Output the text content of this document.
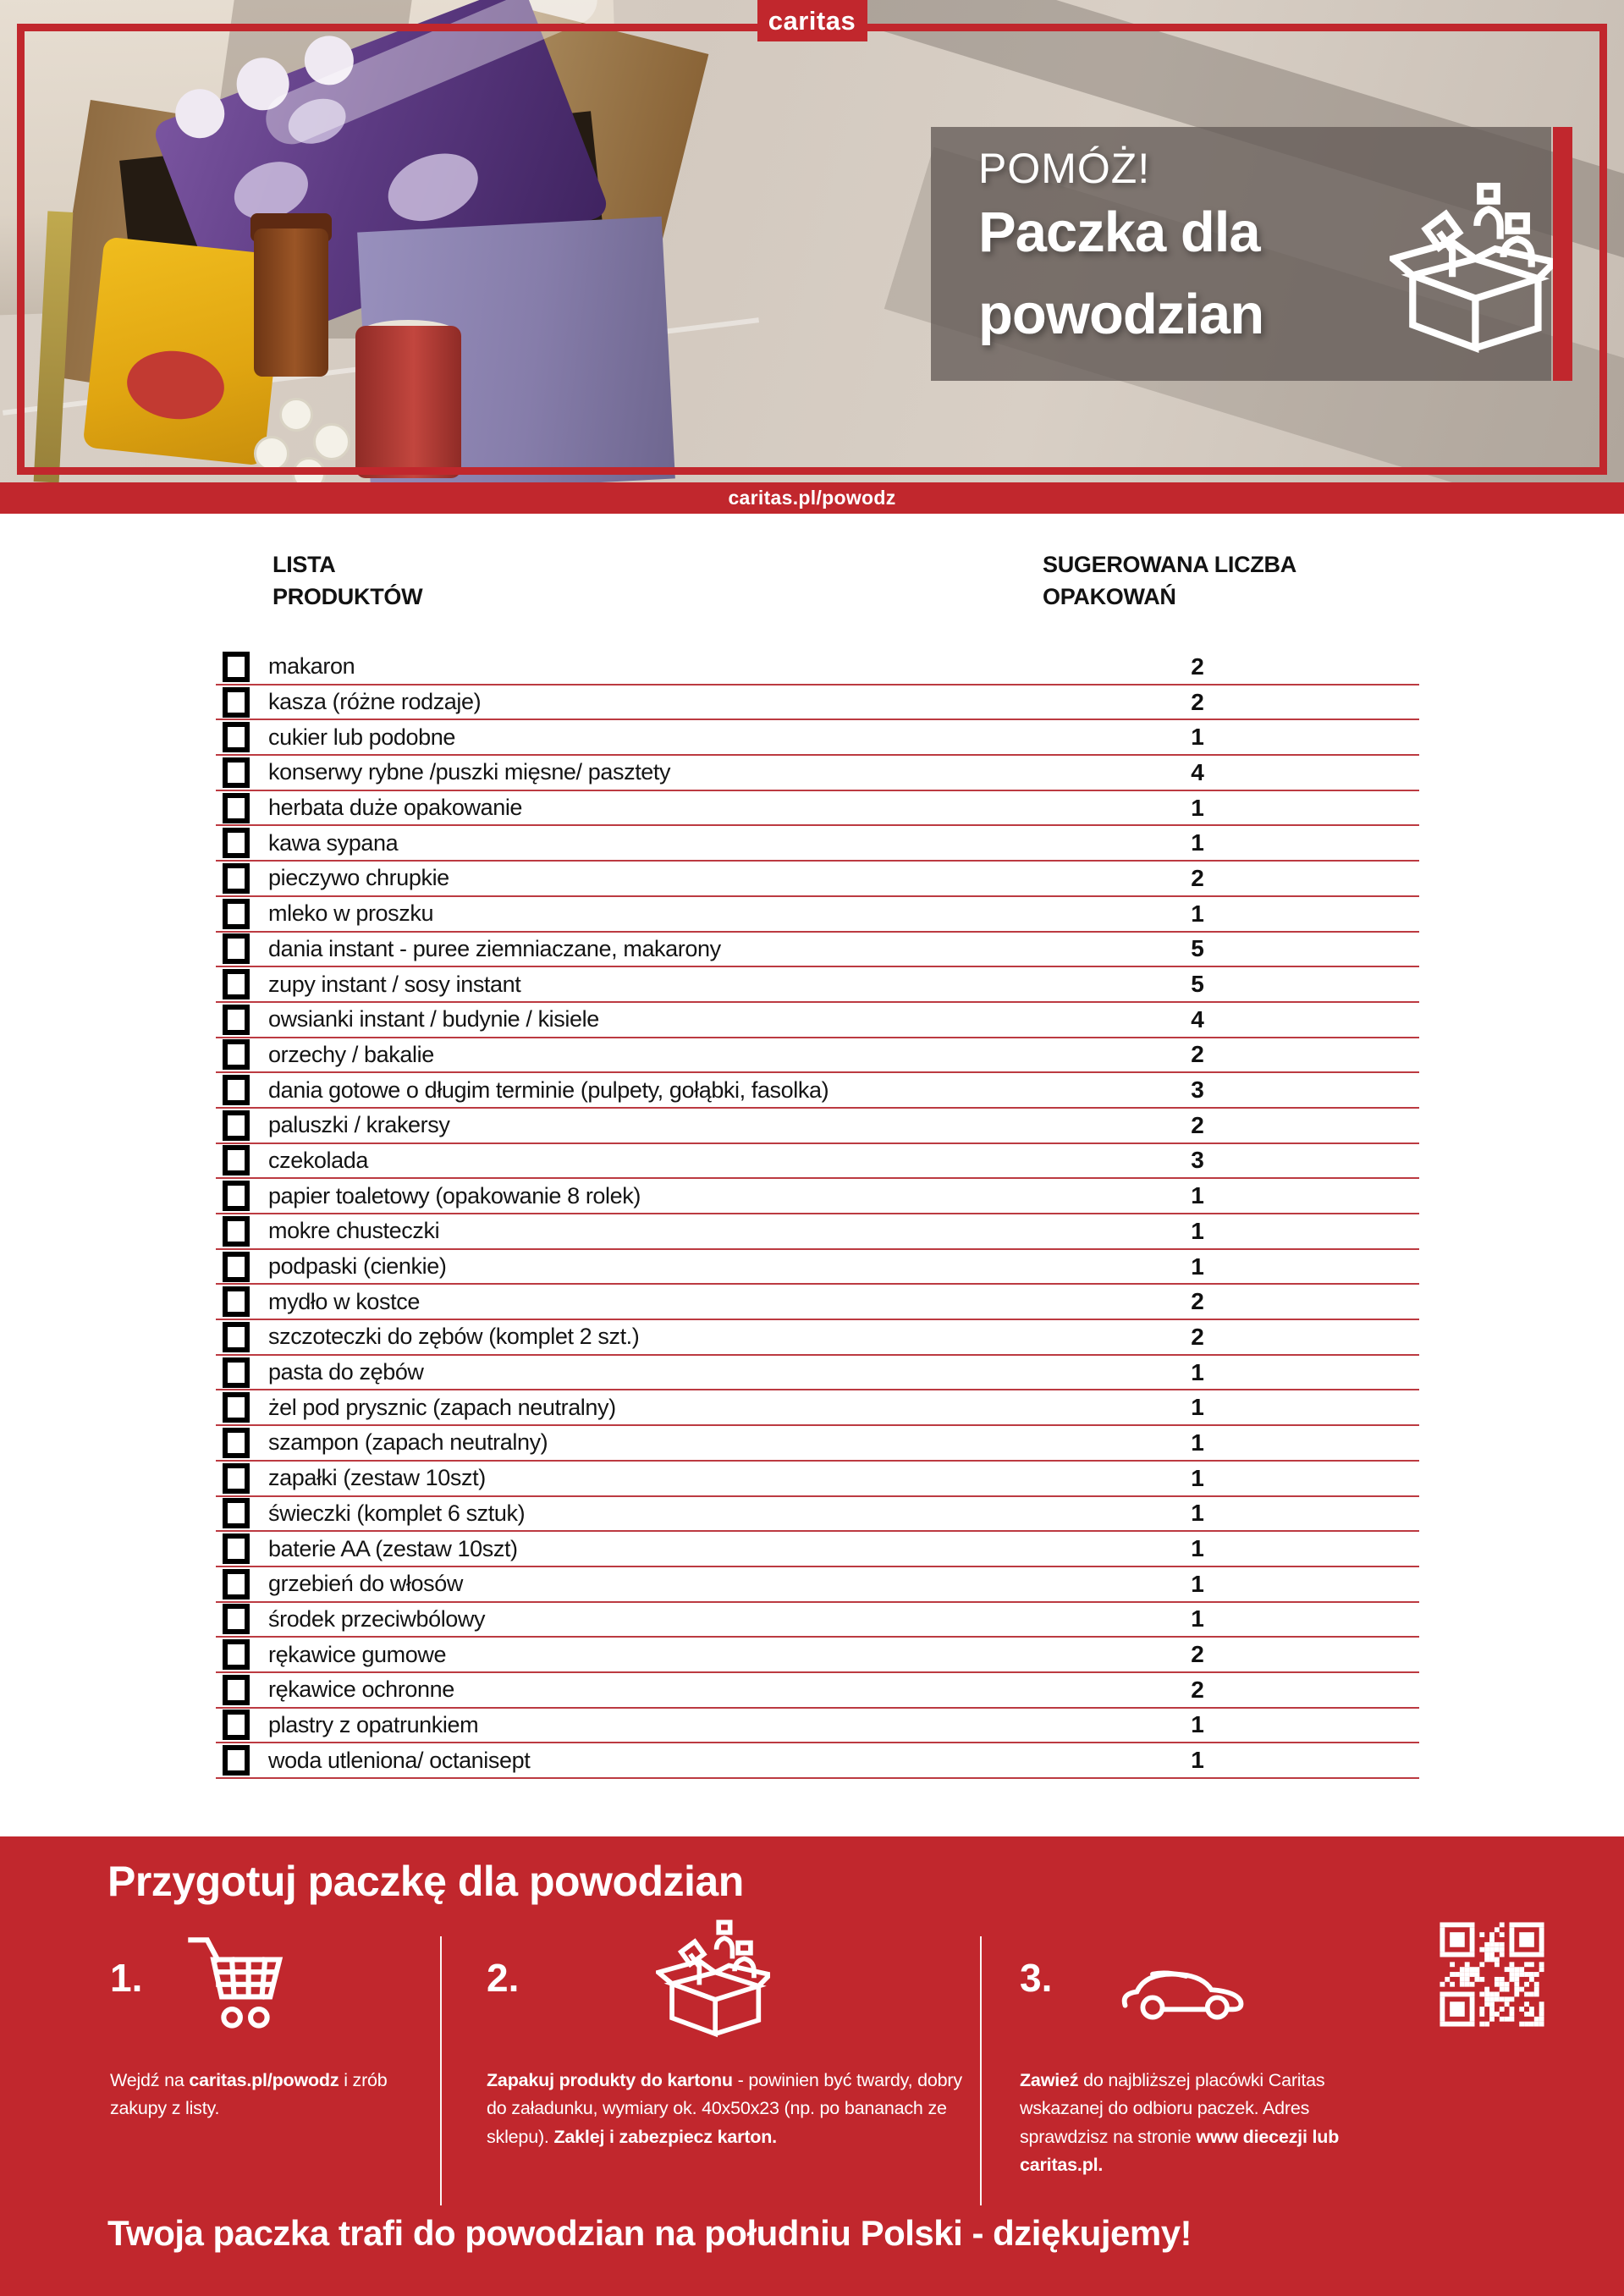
POMÓŻ!
Paczka dla
powodzian
caritas
caritas.pl/powodz
LISTA
PRODUKTÓW
SUGEROWANA LICZBA
OPAKOWAŃ
makaron	2
kasza (różne rodzaje)	2
cukier lub podobne	1
konserwy rybne /puszki mięsne/ pasztety	4
herbata duże opakowanie	1
kawa sypana	1
pieczywo chrupkie	2
mleko w proszku	1
dania instant - puree ziemniaczane, makarony	5
zupy instant / sosy instant	5
owsianki instant / budynie / kisiele	4
orzechy / bakalie	2
dania gotowe o długim terminie (pulpety, gołąbki, fasolka)	3
paluszki / krakersy	2
czekolada	3
papier toaletowy (opakowanie 8 rolek)	1
mokre chusteczki	1
podpaski (cienkie)	1
mydło w kostce	2
szczoteczki do zębów (komplet 2 szt.)	2
pasta do zębów	1
żel pod prysznic (zapach neutralny)	1
szampon (zapach neutralny)	1
zapałki (zestaw 10szt)	1
świeczki (komplet 6 sztuk)	1
baterie AA (zestaw 10szt)	1
grzebień do włosów	1
środek przeciwbólowy	1
rękawice gumowe	2
rękawice ochronne	2
plastry z opatrunkiem	1
woda utleniona/ octanisept	1
Przygotuj paczkę dla powodzian
1.	2.	3.

Wejdź na caritas.pl/powodz i zrób zakupy z listy.

Zapakuj produkty do kartonu - powinien być twardy, dobry do załadunku, wymiary ok. 40x50x23 (np. po bananach ze sklepu). Zaklej i zabezpiecz karton.

Zawieź do najbliższej placówki Caritas wskazanej do odbioru paczek. Adres sprawdzisz na stronie www diecezji lub caritas.pl.

Twoja paczka trafi do powodzian na południu Polski - dziękujemy!
